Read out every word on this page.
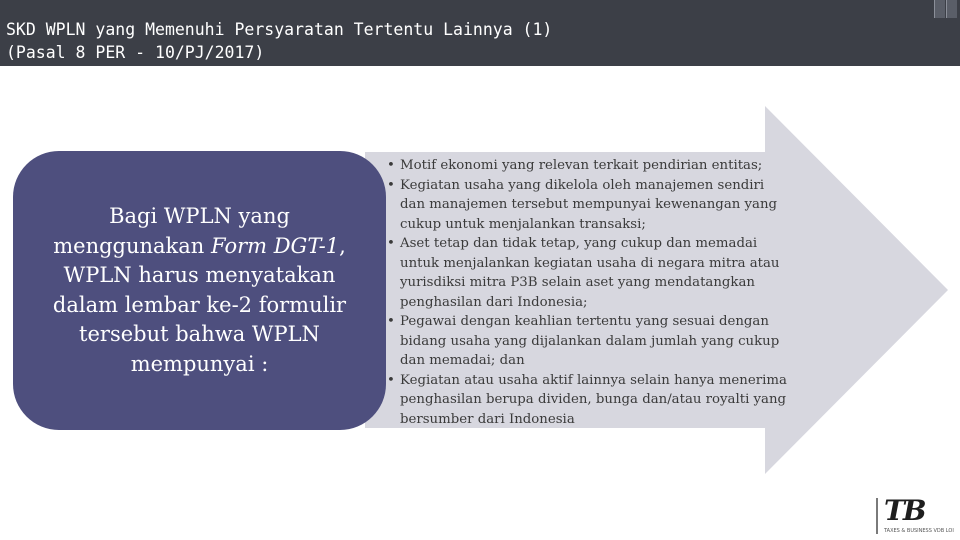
SKD WPLN yang Memenuhi Persyaratan Tertentu Lainnya (1)
(Pasal 8 PER - 10/PJ/2017)
Bagi WPLN yang
menggunakan Form DGT-1,
WPLN harus menyatakan
dalam lembar ke-2 formulir
tersebut bahwa WPLN
mempunyai :
• Motif ekonomi yang relevan terkait pendirian entitas;
• Kegiatan usaha yang dikelola oleh manajemen sendiri
dan manajemen tersebut mempunyai kewenangan yang
cukup untuk menjalankan transaksi;
• Aset tetap dan tidak tetap, yang cukup dan memadai
untuk menjalankan kegiatan usaha di negara mitra atau
yurisdiksi mitra P3B selain aset yang mendatangkan
penghasilan dari Indonesia;
• Pegawai dengan keahlian tertentu yang sesuai dengan
bidang usaha yang dijalankan dalam jumlah yang cukup
dan memadai; dan
• Kegiatan atau usaha aktif lainnya selain hanya menerima
penghasilan berupa dividen, bunga dan/atau royalti yang
bersumber dari Indonesia
TB
TAXES & BUSINESS VDB LOI
